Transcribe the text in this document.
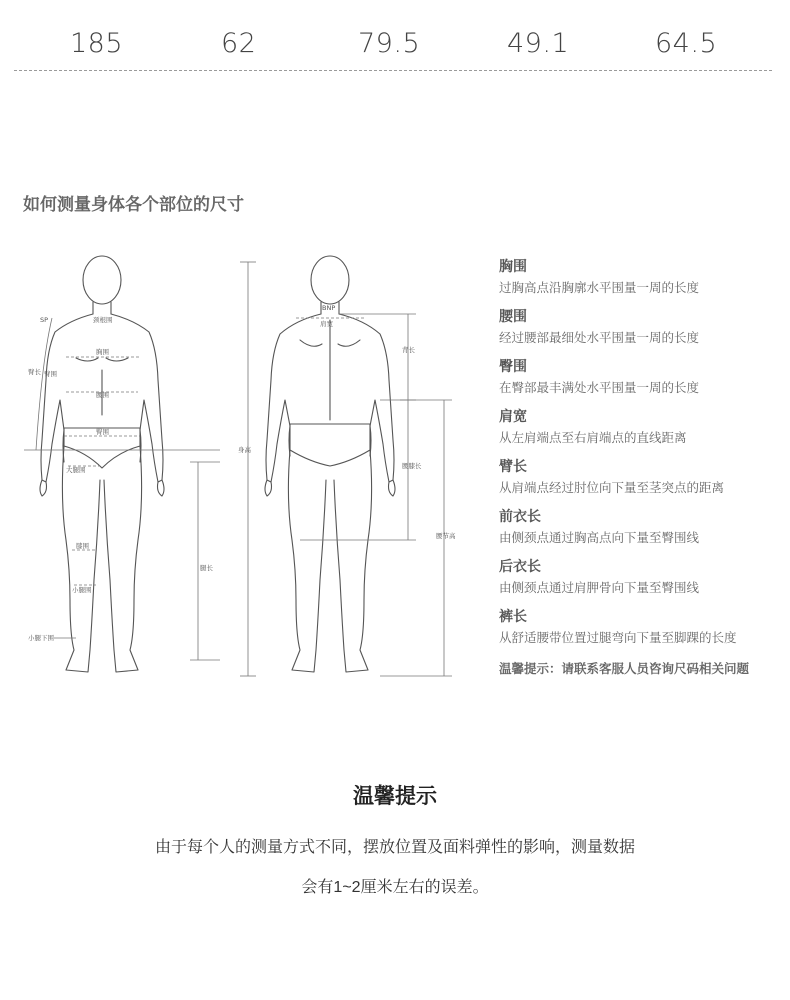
185	62	79.5	49.1	64.5
如何测量身体各个部位的尺寸
SP	颈根围
胸围
臂长 臂围
腰围
臀围
大腿围
膝围
小腿围
小腿下围
腿长
BNP
肩宽
背长
身高
腰膝长
腰节高
胸围
过胸高点沿胸廓水平围量一周的长度
腰围
经过腰部最细处水平围量一周的长度
臀围
在臀部最丰满处水平围量一周的长度
肩宽
从左肩端点至右肩端点的直线距离
臂长
从肩端点经过肘位向下量至茎突点的距离
前衣长
由侧颈点通过胸高点向下量至臀围线
后衣长
由侧颈点通过肩胛骨向下量至臀围线
裤长
从舒适腰带位置过腿弯向下量至脚踝的长度
温馨提示：请联系客服人员咨询尺码相关问题
温馨提示
由于每个人的测量方式不同，摆放位置及面料弹性的影响，测量数据
会有1~2厘米左右的误差。
